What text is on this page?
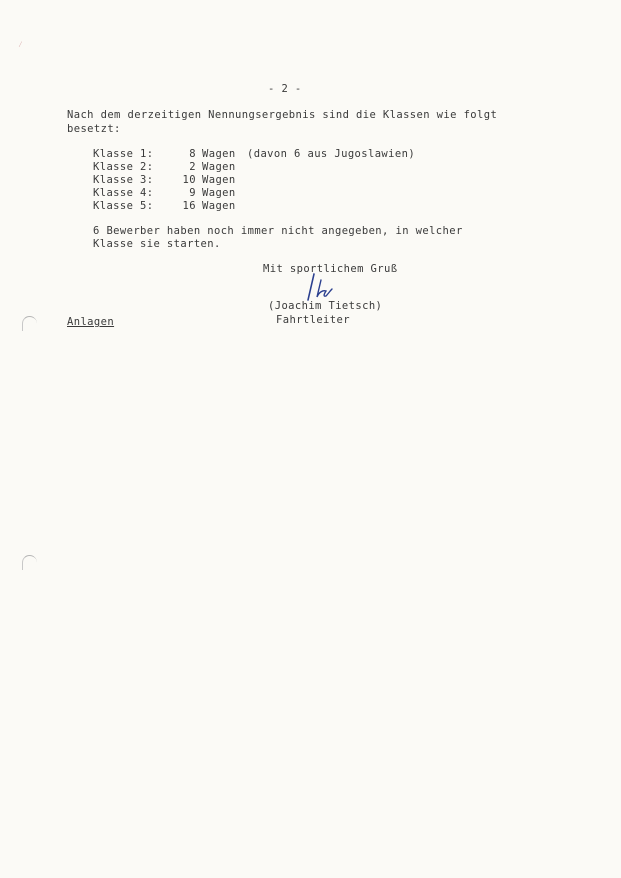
⁄
- 2 -
Nach dem derzeitigen Nennungsergebnis sind die Klassen wie folgt
besetzt:
Klasse 1:	8 Wagen (davon 6 aus Jugoslawien)
Klasse 2:	2 Wagen
Klasse 3:	10 Wagen
Klasse 4:	9 Wagen
Klasse 5:	16 Wagen
6 Bewerber haben noch immer nicht angegeben, in welcher
Klasse sie starten.
Mit sportlichem Gruß
(Joachim Tietsch)
Fahrtleiter
Anlagen
